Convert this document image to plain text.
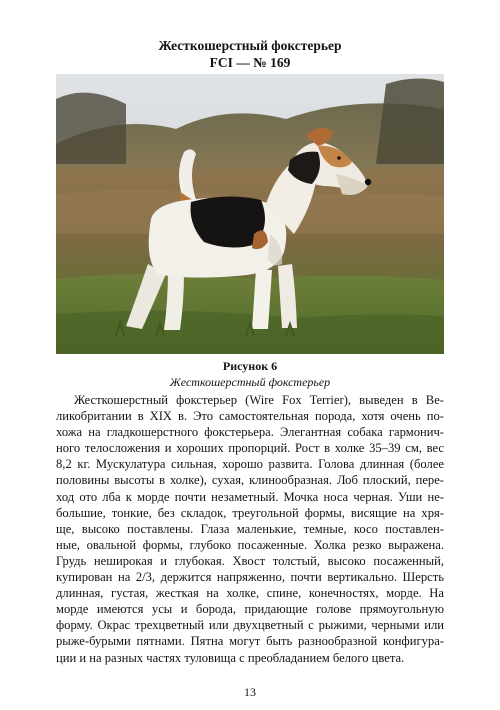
Жесткошерстный фокстерьер
FCI — № 169
Рисунок 6
Жесткошерстный фокстерьер
Жесткошерстный фокстерьер (Wire Fox Terrier), выведен в Ве-
ликобритании в XIX в. Это самостоятельная порода, хотя очень по-
хожа на гладкошерстного фокстерьера. Элегантная собака гармонич-
ного телосложения и хороших пропорций. Рост в холке 35–39 см, вес
8,2 кг. Мускулатура сильная, хорошо развита. Голова длинная (более
половины высоты в холке), сухая, клинообразная. Лоб плоский, пере-
ход ото лба к морде почти незаметный. Мочка носа черная. Уши не-
большие, тонкие, без складок, треугольной формы, висящие на хря-
ще, высоко поставлены. Глаза маленькие, темные, косо поставлен-
ные, овальной формы, глубоко посаженные. Холка резко выражена.
Грудь неширокая и глубокая. Хвост толстый, высоко посаженный,
купирован на 2/3, держится напряженно, почти вертикально. Шерсть
длинная, густая, жесткая на холке, спине, конечностях, морде. На
морде имеются усы и борода, придающие голове прямоугольную
форму. Окрас трехцветный или двухцветный с рыжими, черными или
рыже-бурыми пятнами. Пятна могут быть разнообразной конфигура-
ции и на разных частях туловища с преобладанием белого цвета.
13
